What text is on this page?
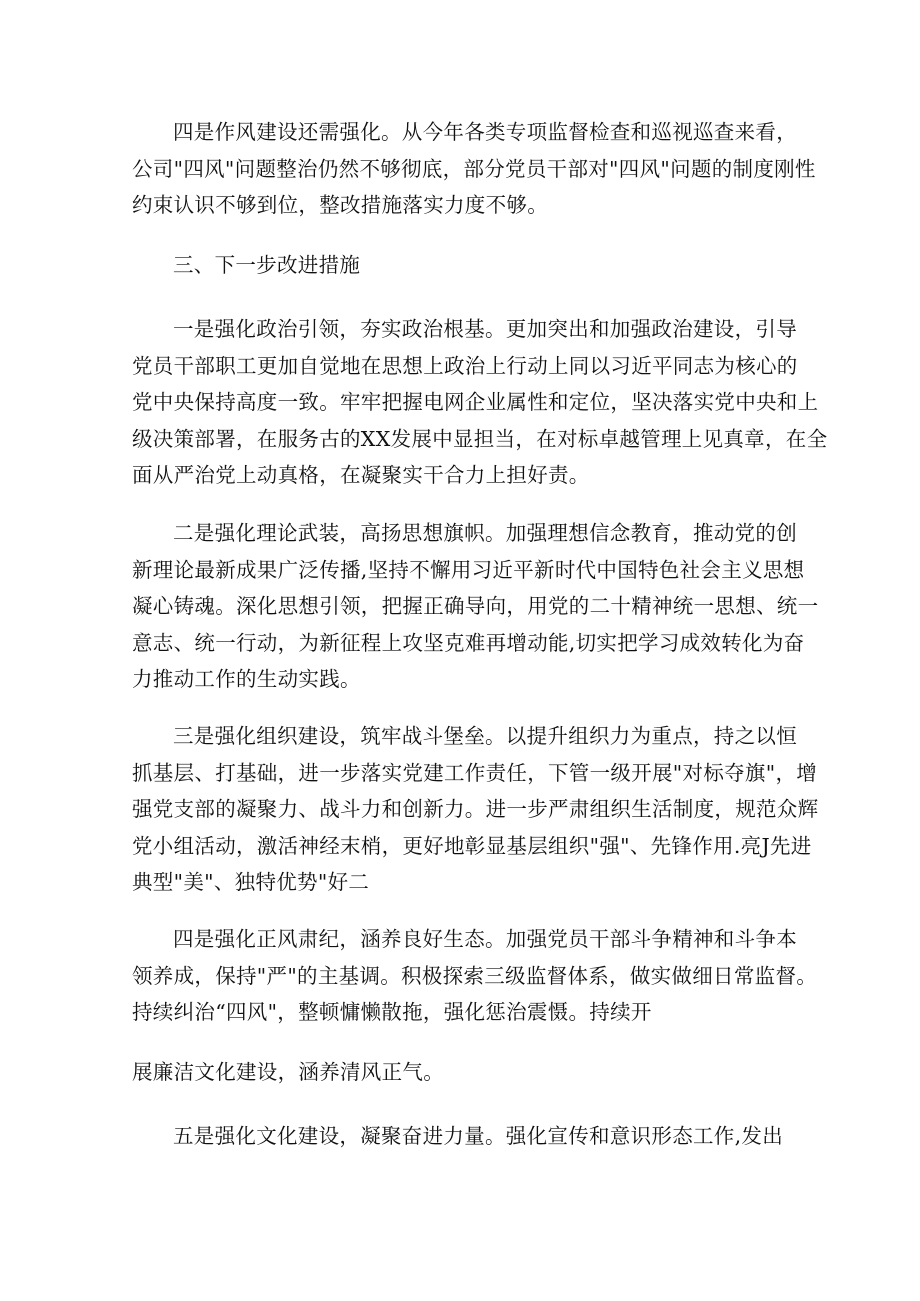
四是作风建设还需强化。从今年各类专项监督检查和巡视巡查来看，
公司"四风"问题整治仍然不够彻底，部分党员干部对"四风"问题的制度刚性
约束认识不够到位，整改措施落实力度不够。
三、下一步改进措施
一是强化政治引领，夯实政治根基。更加突出和加强政治建设，引导
党员干部职工更加自觉地在思想上政治上行动上同以习近平同志为核心的
党中央保持高度一致。牢牢把握电网企业属性和定位，坚决落实党中央和上
级决策部署，在服务古的XX发展中显担当，在对标卓越管理上见真章，在全
面从严治党上动真格，在凝聚实干合力上担好责。
二是强化理论武装，高扬思想旗帜。加强理想信念教育，推动党的创
新理论最新成果广泛传播,坚持不懈用习近平新时代中国特色社会主义思想
凝心铸魂。深化思想引领，把握正确导向，用党的二十精神统一思想、统一
意志、统一行动，为新征程上攻坚克难再增动能,切实把学习成效转化为奋
力推动工作的生动实践。
三是强化组织建设，筑牢战斗堡垒。以提升组织力为重点，持之以恒
抓基层、打基础，进一步落实党建工作责任，下管一级开展"对标夺旗"，增
强党支部的凝聚力、战斗力和创新力。进一步严肃组织生活制度，规范众辉
党小组活动，激活神经末梢，更好地彰显基层组织"强"、先锋作用.亮J先进
典型"美"、独特优势"好二
四是强化正风肃纪，涵养良好生态。加强党员干部斗争精神和斗争本
领养成，保持"严"的主基调。积极探索三级监督体系，做实做细日常监督。
持续纠治“四风"，整顿慵懒散拖，强化惩治震慑。持续开
展廉洁文化建设，涵养清风正气。
五是强化文化建设，凝聚奋进力量。强化宣传和意识形态工作,发出
